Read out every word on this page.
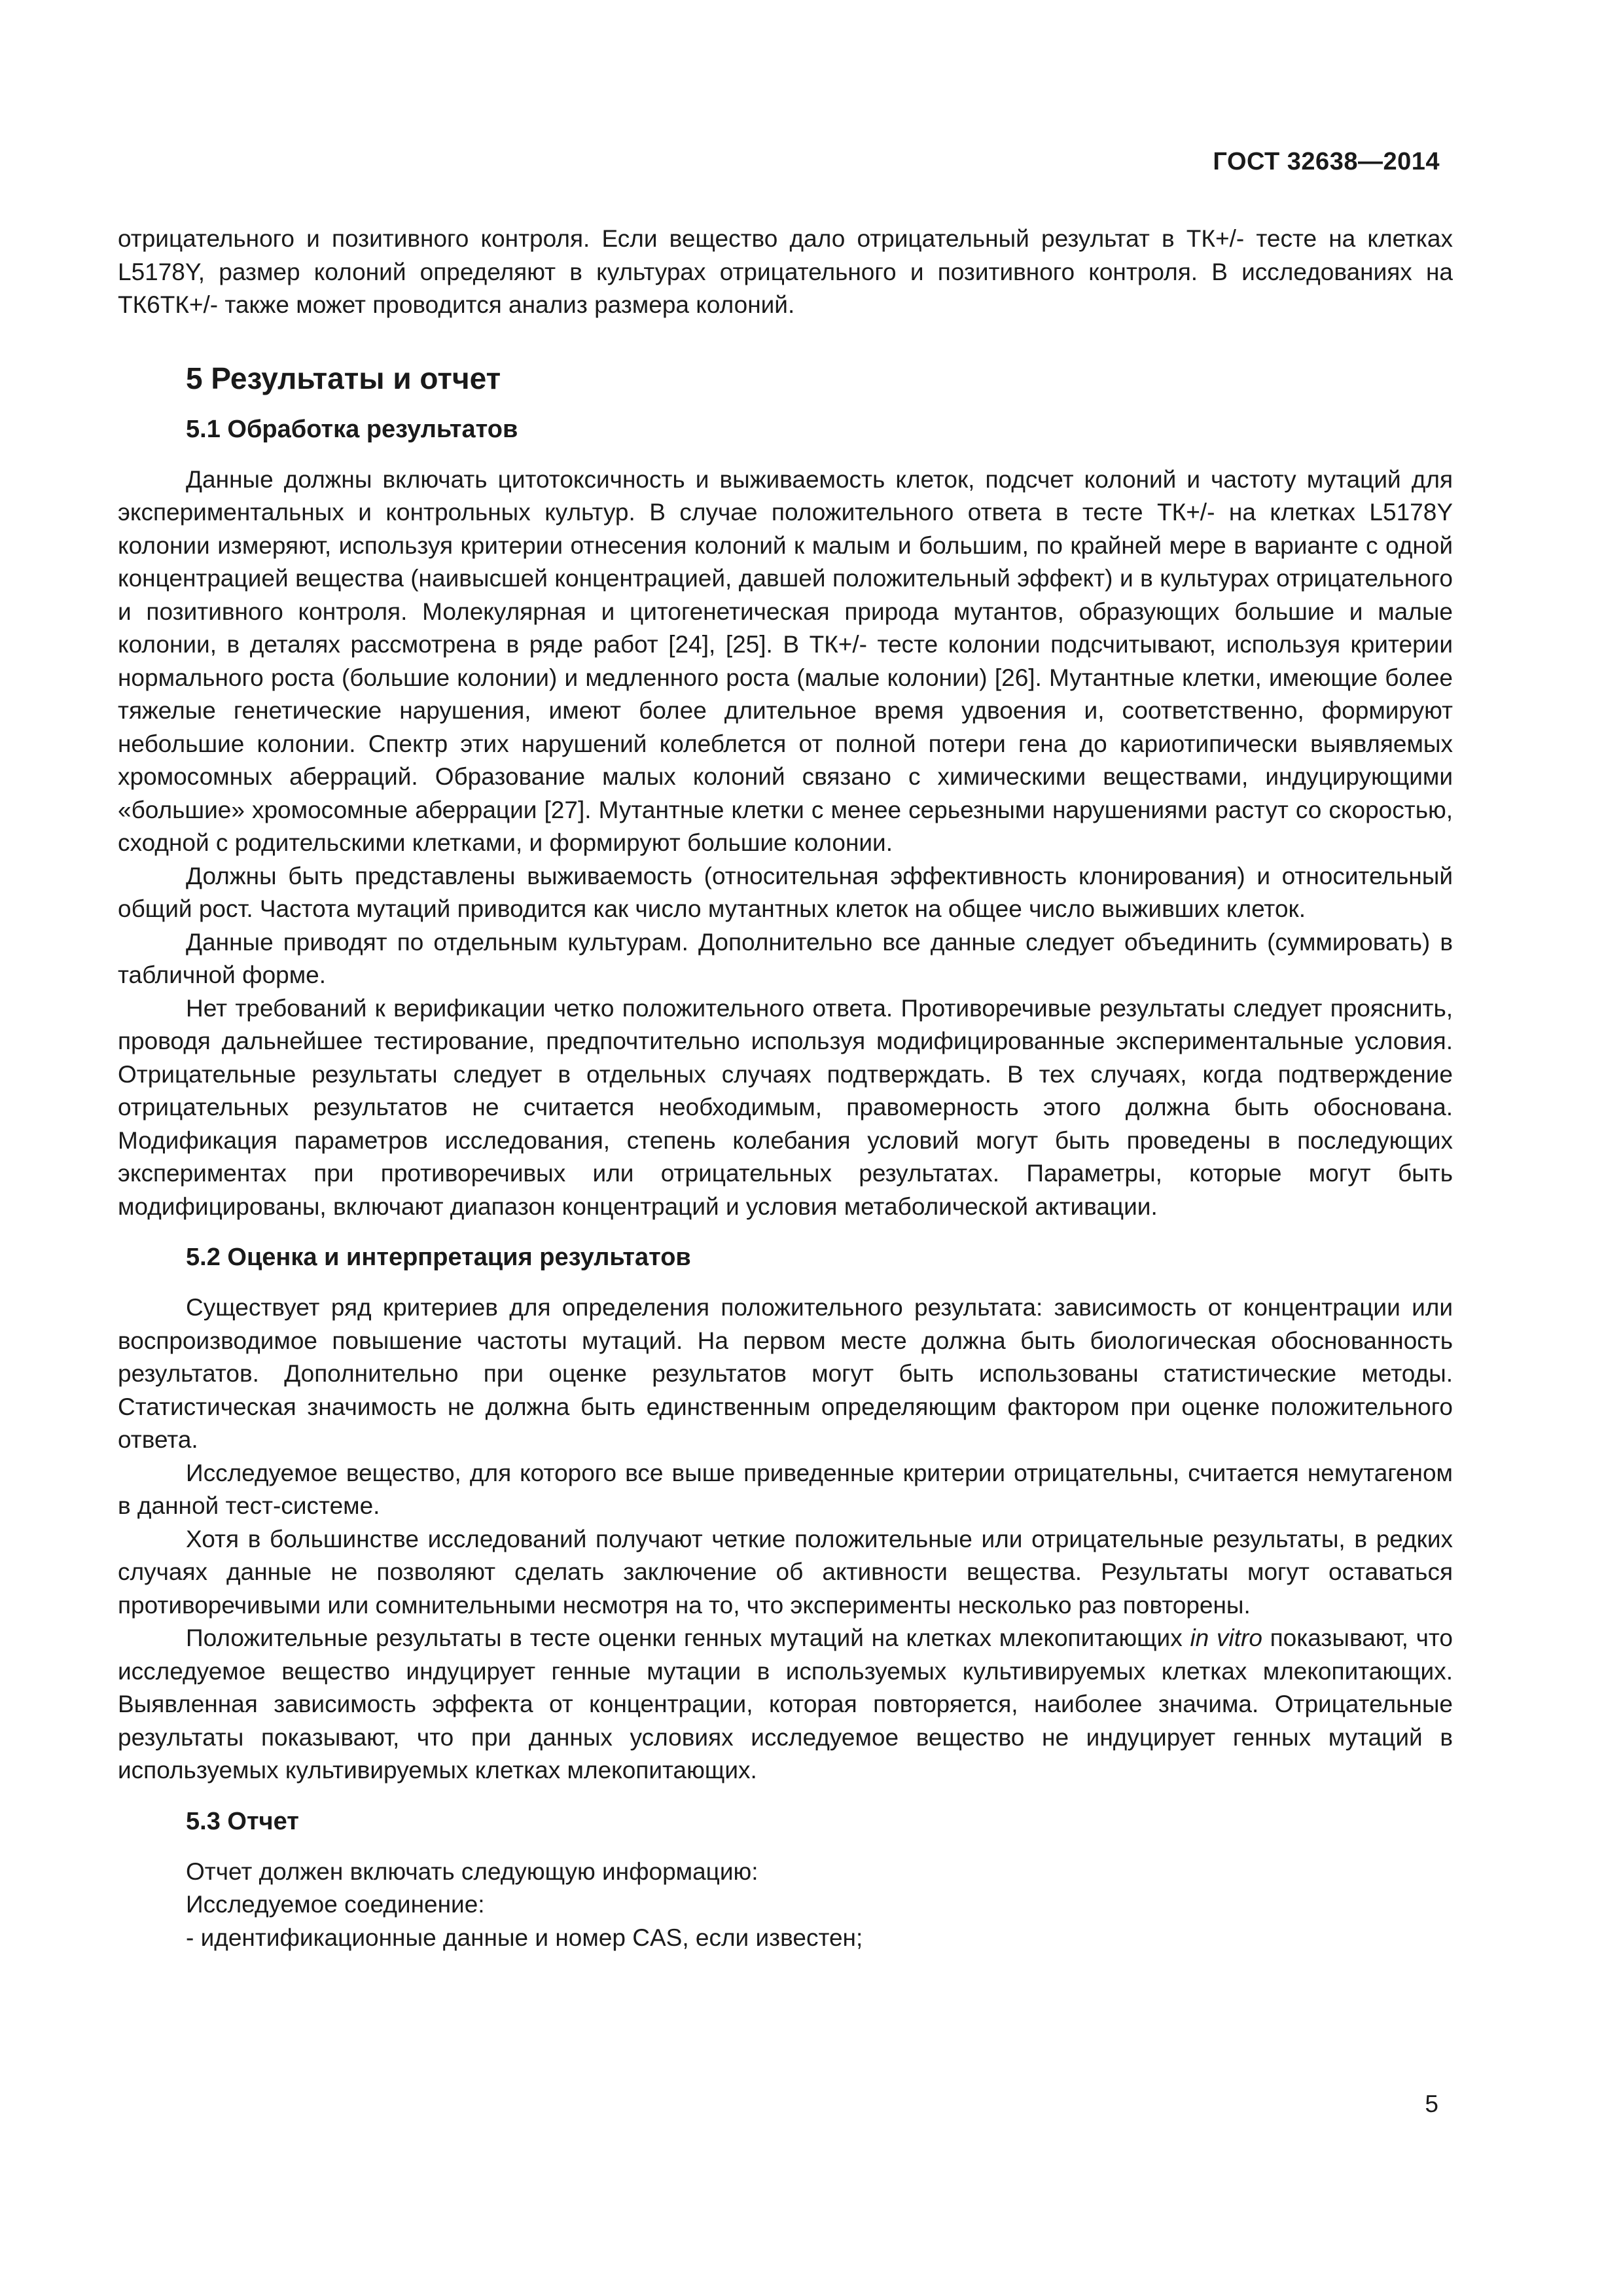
ГОСТ 32638—2014

отрицательного и позитивного контроля. Если вещество дало отрицательный результат в ТК+/- тесте на клетках L5178Y, размер колоний определяют в культурах отрицательного и позитивного контроля. В исследованиях на ТК6ТК+/- также может проводится анализ размера колоний.

5 Результаты и отчет
5.1 Обработка результатов

Данные должны включать цитотоксичность и выживаемость клеток, подсчет колоний и частоту мутаций для экспериментальных и контрольных культур. В случае положительного ответа в тесте ТК+/- на клетках L5178Y колонии измеряют, используя критерии отнесения колоний к малым и большим, по крайней мере в варианте с одной концентрацией вещества (наивысшей концентрацией, давшей положительный эффект) и в культурах отрицательного и позитивного контроля. Молекулярная и цитогенетическая природа мутантов, образующих большие и малые колонии, в деталях рассмотрена в ряде работ [24], [25]. В ТК+/- тесте колонии подсчитывают, используя критерии нормального роста (большие колонии) и медленного роста (малые колонии) [26]. Мутантные клетки, имеющие более тяжелые генетические нарушения, имеют более длительное время удвоения и, соответственно, формируют небольшие колонии. Спектр этих нарушений колеблется от полной потери гена до кариотипически выявляемых хромосомных аберраций. Образование малых колоний связано с химическими веществами, индуцирующими «большие» хромосомные аберрации [27]. Мутантные клетки с менее серьезными нарушениями растут со скоростью, сходной с родительскими клетками, и формируют большие колонии.

Должны быть представлены выживаемость (относительная эффективность клонирования) и относительный общий рост. Частота мутаций приводится как число мутантных клеток на общее число выживших клеток.

Данные приводят по отдельным культурам. Дополнительно все данные следует объединить (суммировать) в табличной форме.

Нет требований к верификации четко положительного ответа. Противоречивые результаты следует прояснить, проводя дальнейшее тестирование, предпочтительно используя модифицированные экспериментальные условия. Отрицательные результаты следует в отдельных случаях подтверждать. В тех случаях, когда подтверждение отрицательных результатов не считается необходимым, правомерность этого должна быть обоснована. Модификация параметров исследования, степень колебания условий могут быть проведены в последующих экспериментах при противоречивых или отрицательных результатах. Параметры, которые могут быть модифицированы, включают диапазон концентраций и условия метаболической активации.

5.2 Оценка и интерпретация результатов

Существует ряд критериев для определения положительного результата: зависимость от концентрации или воспроизводимое повышение частоты мутаций. На первом месте должна быть биологическая обоснованность результатов. Дополнительно при оценке результатов могут быть использованы статистические методы. Статистическая значимость не должна быть единственным определяющим фактором при оценке положительного ответа.

Исследуемое вещество, для которого все выше приведенные критерии отрицательны, считается немутагеном в данной тест-системе.

Хотя в большинстве исследований получают четкие положительные или отрицательные результаты, в редких случаях данные не позволяют сделать заключение об активности вещества. Результаты могут оставаться противоречивыми или сомнительными несмотря на то, что эксперименты несколько раз повторены.

Положительные результаты в тесте оценки генных мутаций на клетках млекопитающих in vitro показывают, что исследуемое вещество индуцирует генные мутации в используемых культивируемых клетках млекопитающих. Выявленная зависимость эффекта от концентрации, которая повторяется, наиболее значима. Отрицательные результаты показывают, что при данных условиях исследуемое вещество не индуцирует генных мутаций в используемых культивируемых клетках млекопитающих.

5.3 Отчет

Отчет должен включать следующую информацию:

Исследуемое соединение:

- идентификационные данные и номер CAS, если известен;

5
